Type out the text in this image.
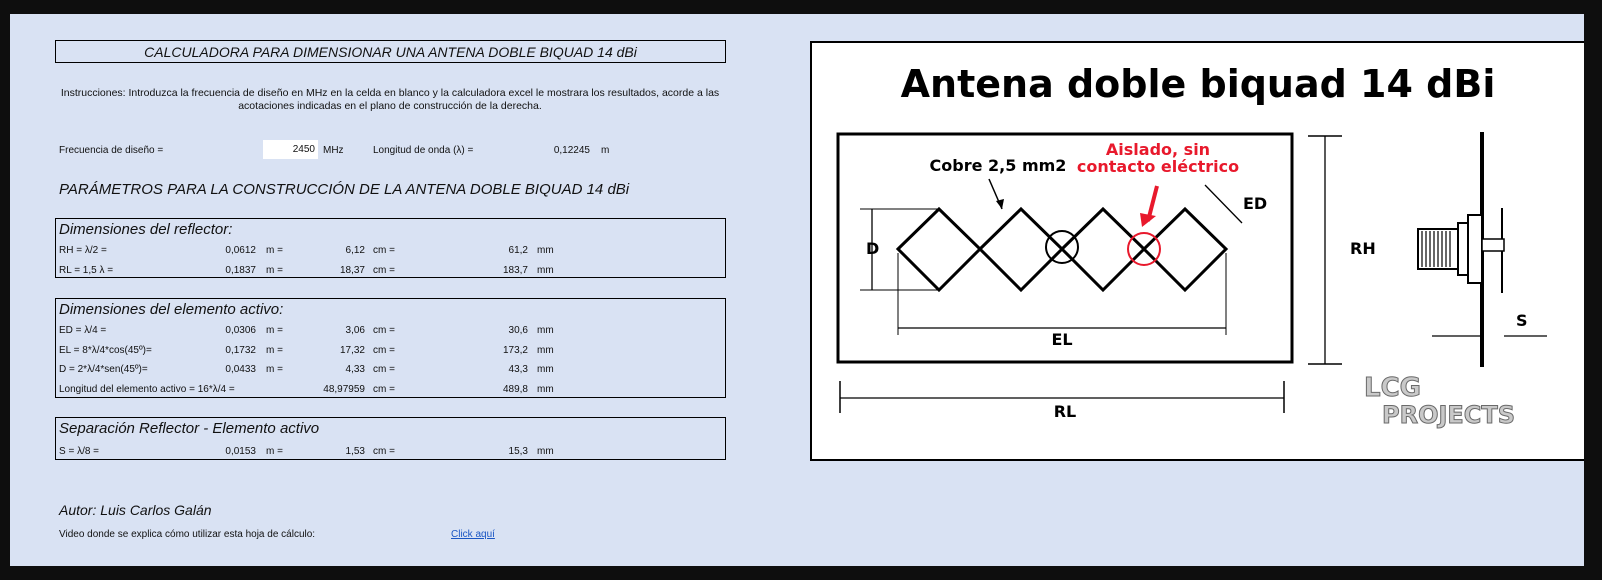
CALCULADORA PARA DIMENSIONAR UNA ANTENA DOBLE BIQUAD 14 dBi
Instrucciones: Introduzca la frecuencia de diseño en MHz en la celda en blanco y la calculadora excel le mostrara los resultados, acorde a las acotaciones indicadas en el plano de construcción de la derecha.
Frecuencia de diseño =	2450 MHz	Longitud de onda (λ) =	0,12245 m
PARÁMETROS PARA LA CONSTRUCCIÓN DE LA ANTENA DOBLE BIQUAD 14 dBi
Dimensiones del reflector:
Dimensiones del elemento activo:
Separación Reflector - Elemento activo
Autor: Luis Carlos Galán
Video donde se explica cómo utilizar esta hoja de cálculo:	Click aquí
Antena doble biquad 14 dBi
Cobre 2,5 mm2
Aislado, sin
contacto eléctrico
ED
D
EL
RL
RH
S
LCG
PROJECTS
RH = λ/2 =	0,0612 m =	6,12 cm =	61,2 mm
RL = 1,5 λ =	0,1837 m =	18,37 cm =	183,7 mm
ED = λ/4 =	0,0306 m =	3,06 cm =	30,6 mm
EL = 8*λ/4*cos(45º)=	0,1732 m =	17,32 cm =	173,2 mm
D = 2*λ/4*sen(45º)=	0,0433 m =	4,33 cm =	43,3 mm
Longitud del elemento activo = 16*λ/4 =	48,97959 cm =	489,8 mm
S = λ/8 =	0,0153 m =	1,53 cm =	15,3 mm
